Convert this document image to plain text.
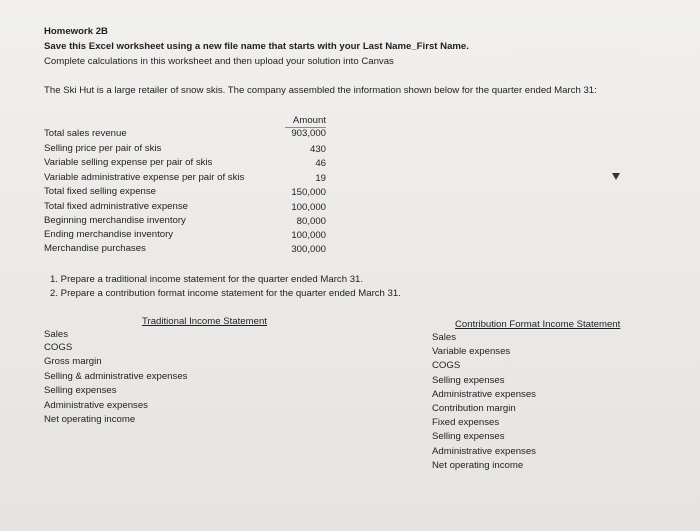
Homework 2B
Save this Excel worksheet using a new file name that starts with your Last Name_First Name.
Complete calculations in this worksheet and then upload your solution into Canvas
The Ski Hut is a large retailer of snow skis. The company assembled the information shown below for the quarter ended March 31:
Amount
Total sales revenue	903,000
Selling price per pair of skis	430
Variable selling expense per pair of skis	46
Variable administrative expense per pair of skis	19
Total fixed selling expense	150,000
Total fixed administrative expense	100,000
Beginning merchandise inventory	80,000
Ending merchandise inventory	100,000
Merchandise purchases	300,000
1. Prepare a traditional income statement for the quarter ended March 31.
2. Prepare a contribution format income statement for the quarter ended March 31.
Traditional Income Statement
Sales
COGS
Gross margin
Selling & administrative expenses
Selling expenses
Administrative expenses
Net operating income
Contribution Format Income Statement
Sales
Variable expenses
COGS
Selling expenses
Administrative expenses
Contribution margin
Fixed expenses
Selling expenses
Administrative expenses
Net operating income
